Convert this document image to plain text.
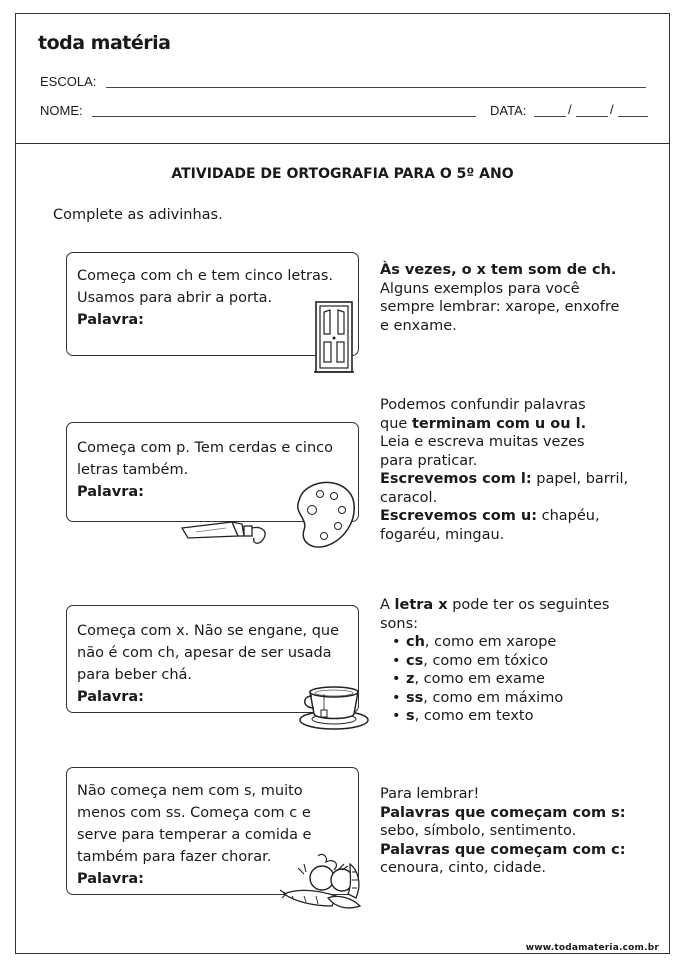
toda matéria
ESCOLA:
NOME:	DATA:	/	/
ATIVIDADE DE ORTOGRAFIA PARA O 5º ANO
Complete as adivinhas.

Começa com ch e tem cinco letras.

Usamos para abrir a porta.

Palavra:

Às vezes, o x tem som de ch.

Alguns exemplos para você

sempre lembrar: xarope, enxofre

e enxame.

Começa com p. Tem cerdas e cinco

letras também.

Palavra:

Podemos confundir palavras

que terminam com u ou l.

Leia e escreva muitas vezes

para praticar.

Escrevemos com l: papel, barril,

caracol.

Escrevemos com u: chapéu,

fogaréu, mingau.

Começa com x. Não se engane, que

não é com ch, apesar de ser usada

para beber chá.

Palavra:

A letra x pode ter os seguintes

sons:

• ch, como em xarope
• cs, como em tóxico
• z, como em exame
• ss, como em máximo
• s, como em texto

Não começa nem com s, muito

menos com ss. Começa com c e

serve para temperar a comida e

também para fazer chorar.

Palavra:

Para lembrar!

Palavras que começam com s:

sebo, símbolo, sentimento.

Palavras que começam com c:

cenoura, cinto, cidade.

www.todamateria.com.br
